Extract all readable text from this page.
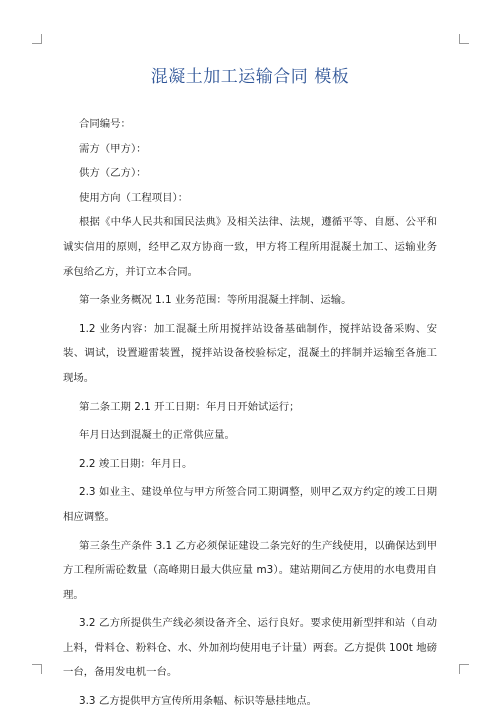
混凝土加工运输合同 模板

合同编号：

需方（甲方）：

供方（乙方）：

使用方向（工程项目）：

根据《中华人民共和国民法典》及相关法律、法规，遵循平等、自愿、公平和诚实信用的原则，经甲乙双方协商一致，甲方将工程所用混凝土加工、运输业务承包给乙方，并订立本合同。

第一条业务概况 1.1 业务范围：等所用混凝土拌制、运输。

1.2 业务内容：加工混凝土所用搅拌站设备基础制作，搅拌站设备采购、安装、调试，设置避雷装置，搅拌站设备校验标定，混凝土的拌制并运输至各施工现场。

第二条工期 2.1 开工日期：年月日开始试运行；

年月日达到混凝土的正常供应量。

2.2 竣工日期：年月日。

2.3 如业主、建设单位与甲方所签合同工期调整，则甲乙双方约定的竣工日期相应调整。

第三条生产条件 3.1 乙方必须保证建设二条完好的生产线使用，以确保达到甲方工程所需砼数量（高峰期日最大供应量 m3）。建站期间乙方使用的水电费用自理。

3.2 乙方所提供生产线必须设备齐全、运行良好。要求使用新型拌和站（自动上料，骨料仓、粉料仓、水、外加剂均使用电子计量）两套。乙方提供 100t 地磅一台，备用发电机一台。

3.3 乙方提供甲方宣传所用条幅、标识等悬挂地点。
